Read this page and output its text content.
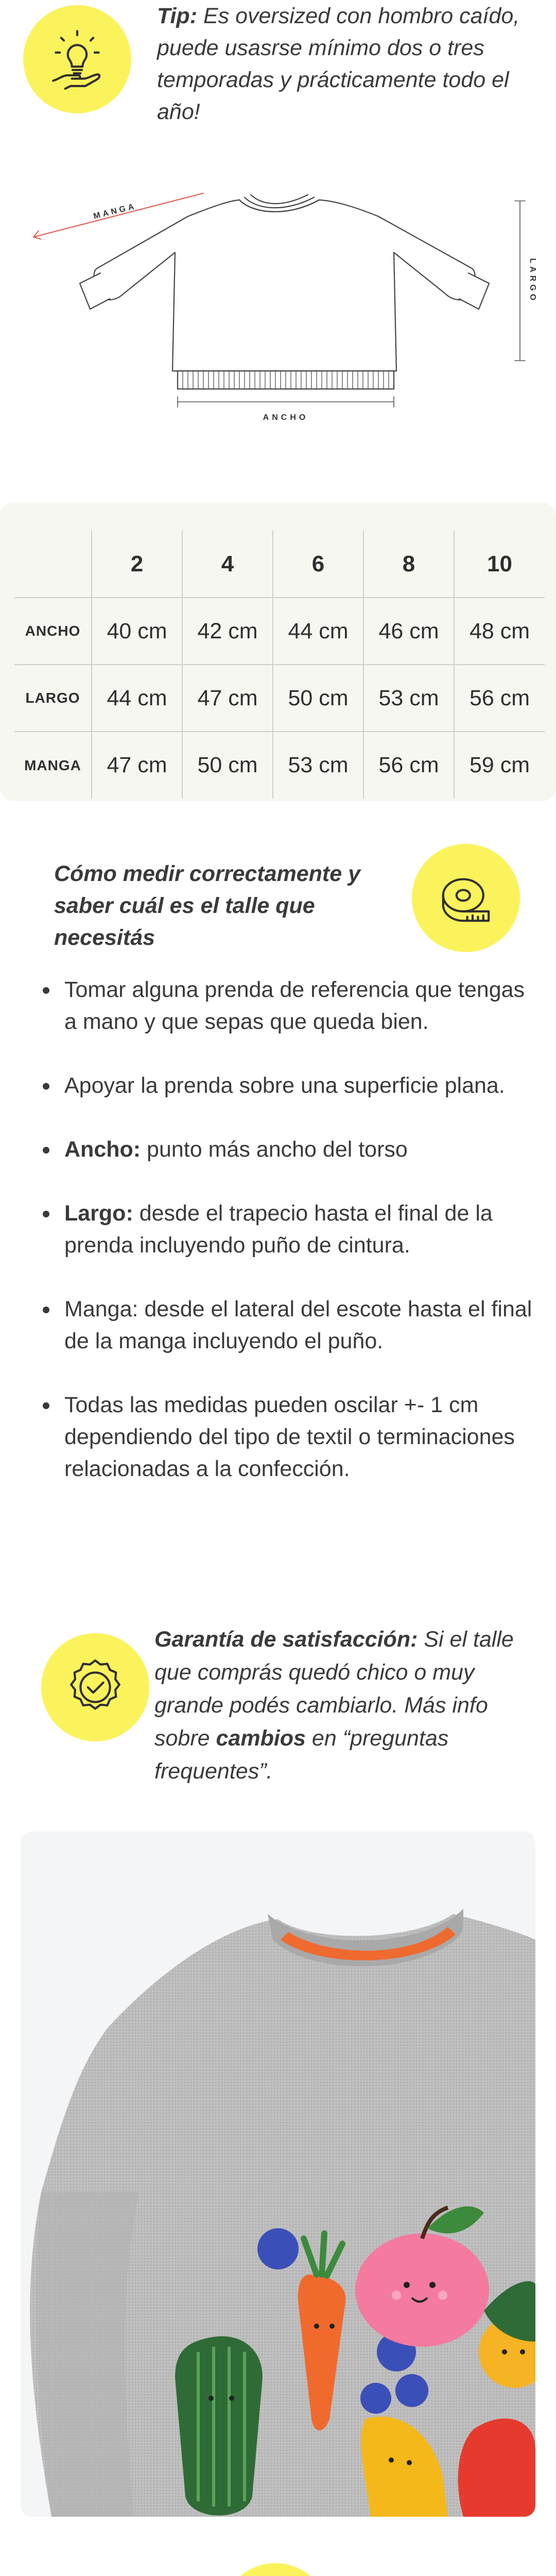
Tip: Es oversized con hombro caído, puede usasrse mínimo dos o tres temporadas y prácticamente todo el año!

MANGA
ANCHO
LARGO
	2	4	6	8	10
ANCHO	40 cm	42 cm	44 cm	46 cm	48 cm
LARGO	44 cm	47 cm	50 cm	53 cm	56 cm
MANGA	47 cm	50 cm	53 cm	56 cm	59 cm
Cómo medir correctamente y saber cuál es el talle que necesitás
Tomar alguna prenda de referencia que tengas a mano y que sepas que queda bien.
Apoyar la prenda sobre una superficie plana.
Ancho: punto más ancho del torso
Largo: desde el trapecio hasta el final de la prenda incluyendo puño de cintura.
Manga: desde el lateral del escote hasta el final de la manga incluyendo el puño.
Todas las medidas pueden oscilar +- 1 cm dependiendo del tipo de textil o terminaciones relacionadas a la confección.

Garantía de satisfacción: Si el talle que comprás quedó chico o muy grande podés cambiarlo. Más info sobre cambios en “preguntas frequentes”.
